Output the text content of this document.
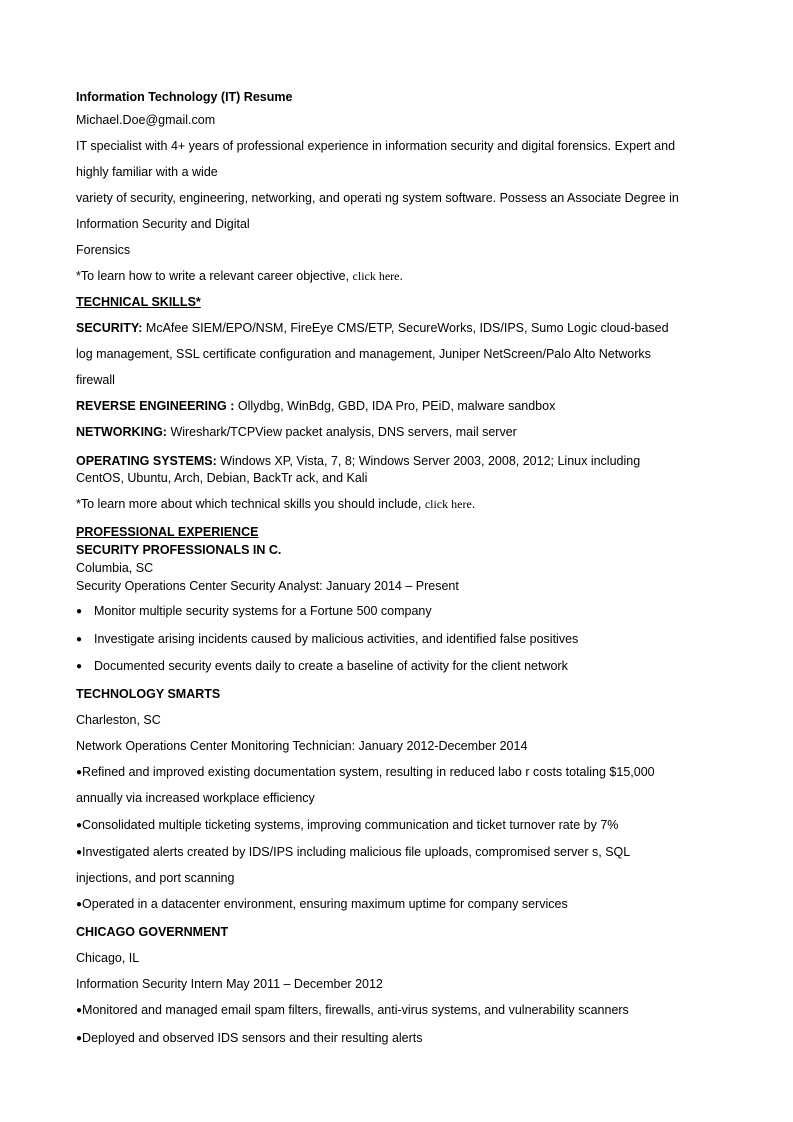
Information Technology (IT) Resume
Michael.Doe@gmail.com
IT specialist with 4+ years of professional experience in information security and digital forensics. Expert and
highly familiar with a wide
variety of security, engineering, networking, and operati ng system software. Possess an Associate Degree in
Information Security and Digital
Forensics
*To learn how to write a relevant career objective, click here.
TECHNICAL SKILLS*
SECURITY: McAfee SIEM/EPO/NSM, FireEye CMS/ETP, SecureWorks, IDS/IPS, Sumo Logic cloud-based
log management, SSL certificate configuration and management, Juniper NetScreen/Palo Alto Networks
firewall
REVERSE ENGINEERING : Ollydbg, WinBdg, GBD, IDA Pro, PEiD, malware sandbox
NETWORKING: Wireshark/TCPView packet analysis, DNS servers, mail server
OPERATING SYSTEMS: Windows XP, Vista, 7, 8; Windows Server 2003, 2008, 2012; Linux including
CentOS, Ubuntu, Arch, Debian, BackTr ack, and Kali
*To learn more about which technical skills you should include, click here.
PROFESSIONAL EXPERIENCE
SECURITY PROFESSIONALS IN C.
Columbia, SC
Security Operations Center Security Analyst: January 2014 – Present
● Monitor multiple security systems for a Fortune 500 company
● Investigate arising incidents caused by malicious activities, and identified false positives
● Documented security events daily to create a baseline of activity for the client network
TECHNOLOGY SMARTS
Charleston, SC
Network Operations Center Monitoring Technician: January 2012-December 2014
●Refined and improved existing documentation system, resulting in reduced labo r costs totaling $15,000
annually via increased workplace efficiency
●Consolidated multiple ticketing systems, improving communication and ticket turnover rate by 7%
●Investigated alerts created by IDS/IPS including malicious file uploads, compromised server s, SQL
injections, and port scanning
●Operated in a datacenter environment, ensuring maximum uptime for company services
CHICAGO GOVERNMENT
Chicago, IL
Information Security Intern May 2011 – December 2012
●Monitored and managed email spam filters, firewalls, anti-virus systems, and vulnerability scanners
●Deployed and observed IDS sensors and their resulting alerts
